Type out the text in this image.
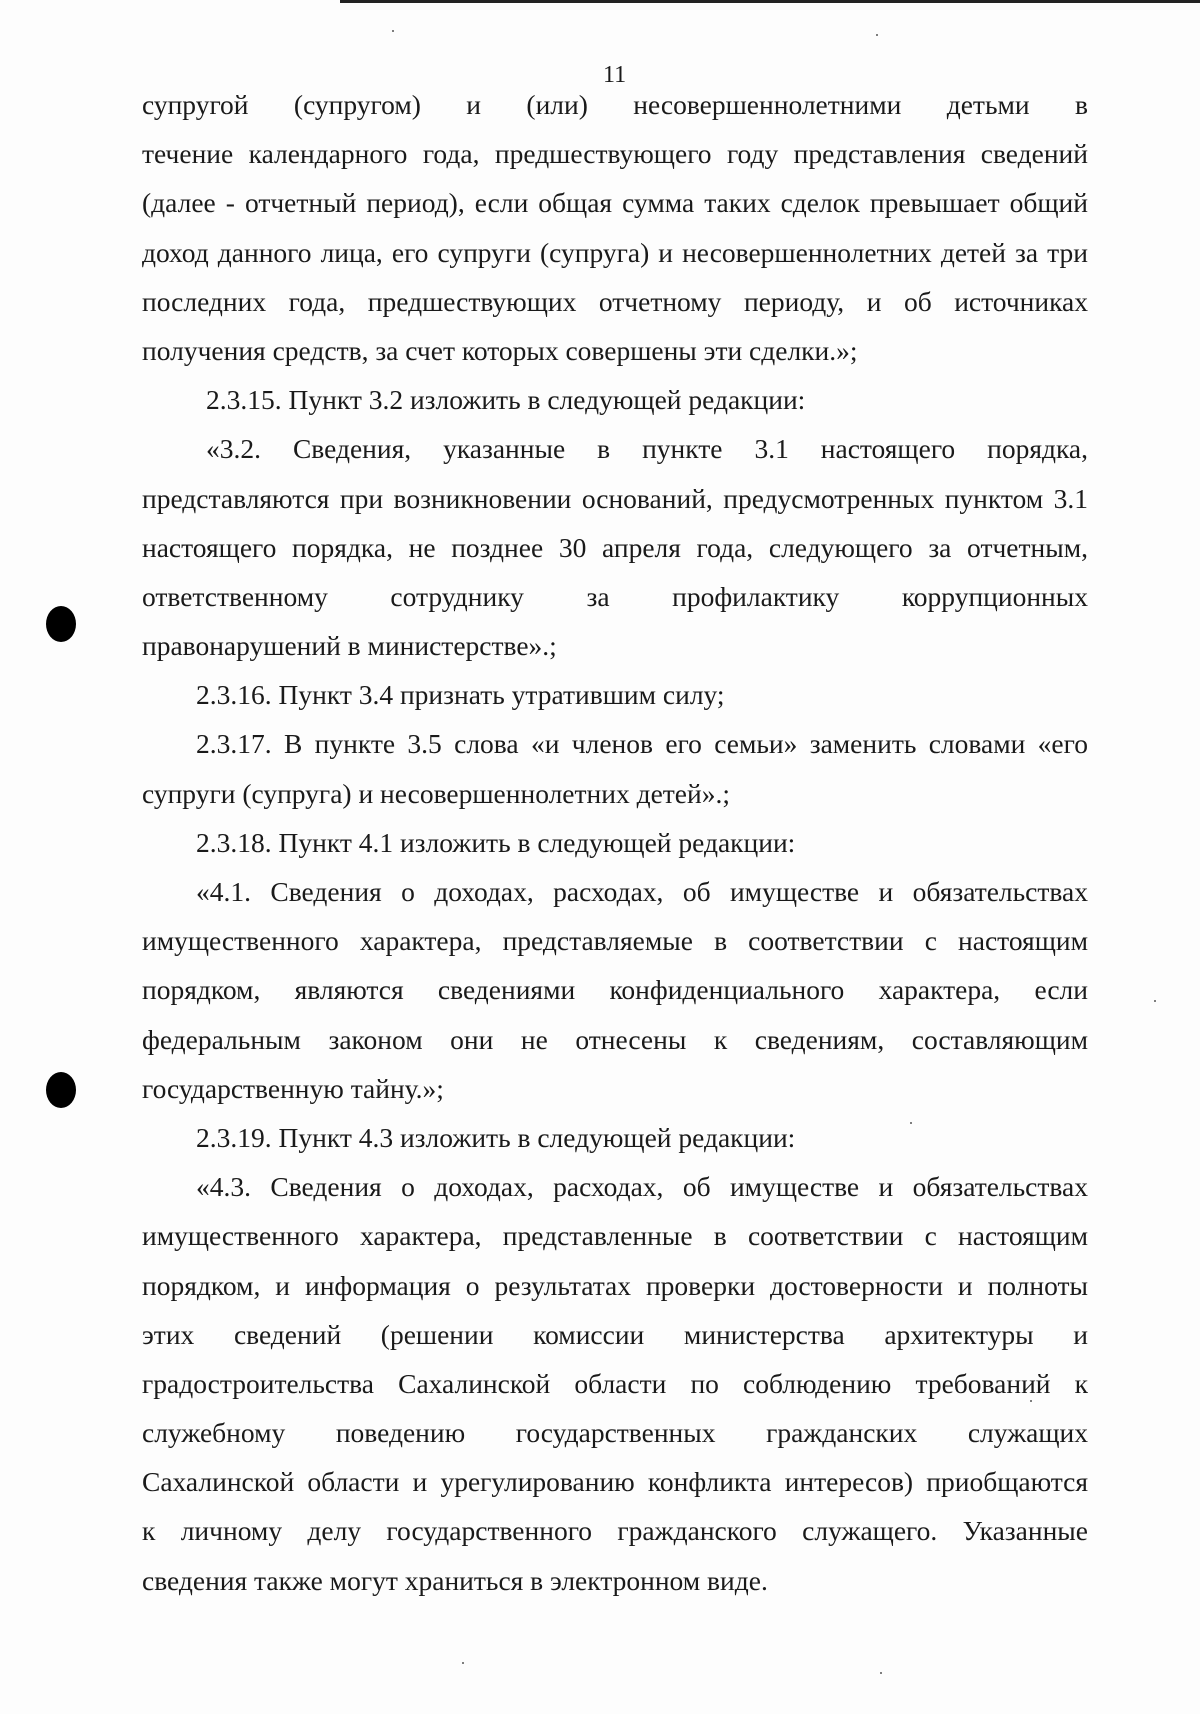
11
супругой (супругом) и (или) несовершеннолетними детьми в
течение календарного года, предшествующего году представления сведений
(далее - отчетный период), если общая сумма таких сделок превышает общий
доход данного лица, его супруги (супруга) и несовершеннолетних детей за три
последних года, предшествующих отчетному периоду, и об источниках
получения средств, за счет которых совершены эти сделки.»;
2.3.15. Пункт 3.2 изложить в следующей редакции:
«3.2. Сведения, указанные в пункте 3.1 настоящего порядка,
представляются при возникновении оснований, предусмотренных пунктом 3.1
настоящего порядка, не позднее 30 апреля года, следующего за отчетным,
ответственному сотруднику за профилактику коррупционных
правонарушений в министерстве».;
2.3.16. Пункт 3.4 признать утратившим силу;
2.3.17. В пункте 3.5 слова «и членов его семьи» заменить словами «его
супруги (супруга) и несовершеннолетних детей».;
2.3.18. Пункт 4.1 изложить в следующей редакции:
«4.1. Сведения о доходах, расходах, об имуществе и обязательствах
имущественного характера, представляемые в соответствии с настоящим
порядком, являются сведениями конфиденциального характера, если
федеральным законом они не отнесены к сведениям, составляющим
государственную тайну.»;
2.3.19. Пункт 4.3 изложить в следующей редакции:
«4.3. Сведения о доходах, расходах, об имуществе и обязательствах
имущественного характера, представленные в соответствии с настоящим
порядком, и информация о результатах проверки достоверности и полноты
этих сведений (решении комиссии министерства архитектуры и
градостроительства Сахалинской области по соблюдению требований к
служебному поведению государственных гражданских служащих
Сахалинской области и урегулированию конфликта интересов) приобщаются
к личному делу государственного гражданского служащего. Указанные
сведения также могут храниться в электронном виде.
